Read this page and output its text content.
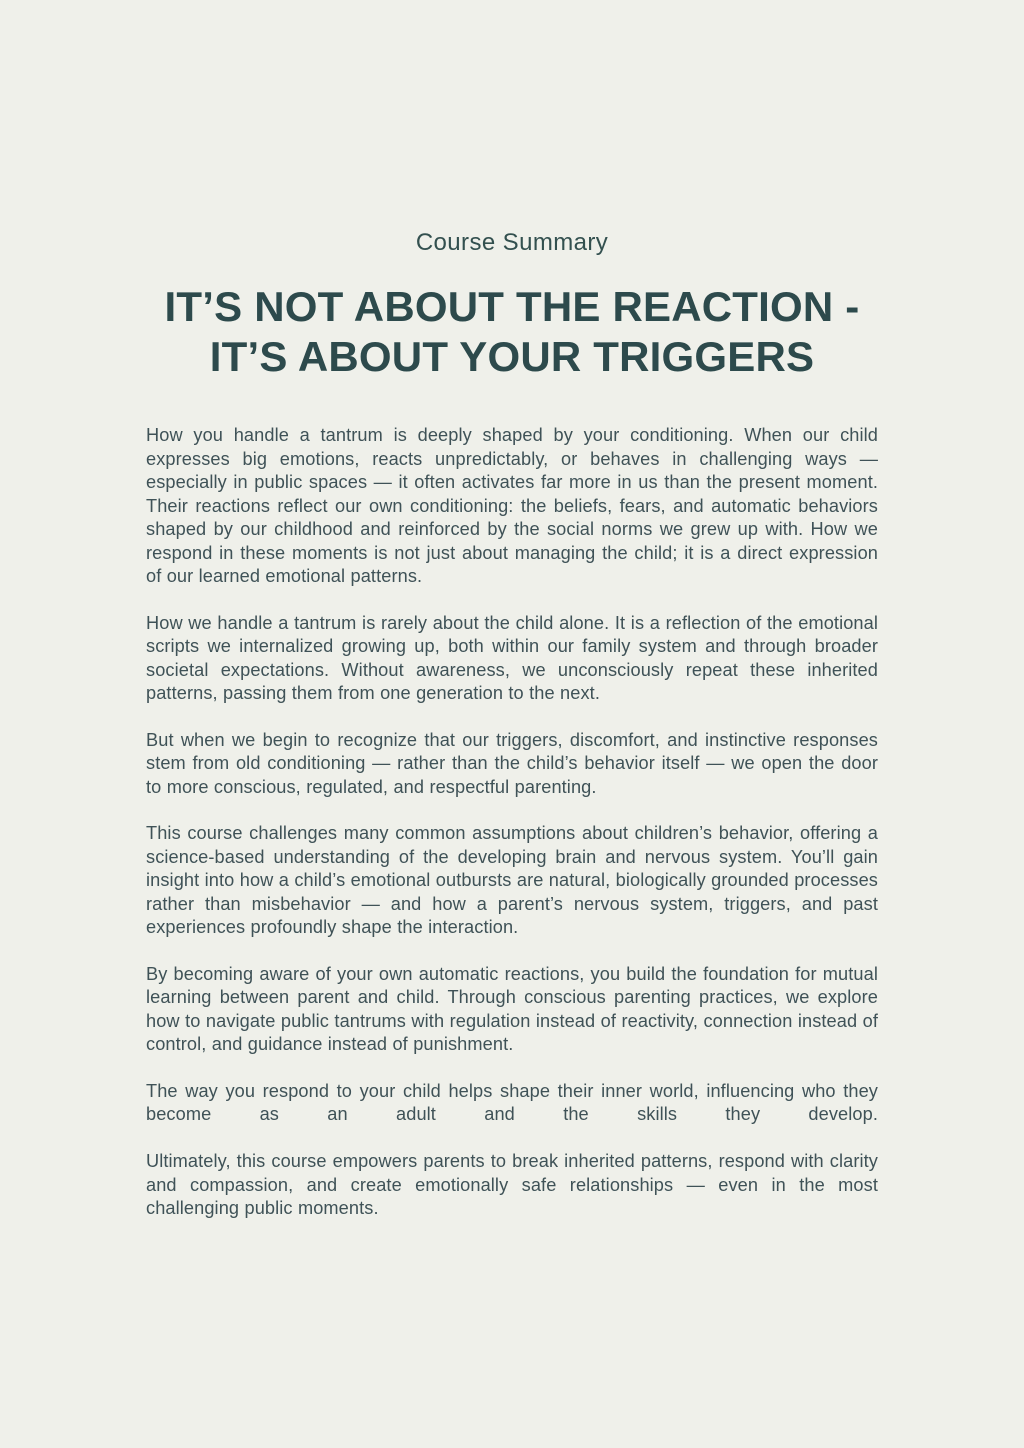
Course Summary

IT’S NOT ABOUT THE REACTION -
IT’S ABOUT YOUR TRIGGERS

How you handle a tantrum is deeply shaped by your conditioning. When our child expresses big emotions, reacts unpredictably, or behaves in challenging ways — especially in public spaces — it often activates far more in us than the present moment. Their reactions reflect our own conditioning: the beliefs, fears, and automatic behaviors shaped by our childhood and reinforced by the social norms we grew up with. How we respond in these moments is not just about managing the child; it is a direct expression of our learned emotional patterns.

How we handle a tantrum is rarely about the child alone. It is a reflection of the emotional scripts we internalized growing up, both within our family system and through broader societal expectations. Without awareness, we unconsciously repeat these inherited patterns, passing them from one generation to the next.

But when we begin to recognize that our triggers, discomfort, and instinctive responses stem from old conditioning — rather than the child’s behavior itself — we open the door to more conscious, regulated, and respectful parenting.

This course challenges many common assumptions about children’s behavior, offering a science-based understanding of the developing brain and nervous system. You’ll gain insight into how a child’s emotional outbursts are natural, biologically grounded processes rather than misbehavior — and how a parent’s nervous system, triggers, and past experiences profoundly shape the interaction.

By becoming aware of your own automatic reactions, you build the foundation for mutual learning between parent and child. Through conscious parenting practices, we explore how to navigate public tantrums with regulation instead of reactivity, connection instead of control, and guidance instead of punishment.

The way you respond to your child helps shape their inner world, influencing who they become as an adult and the skills they develop.
Ultimately, this course empowers parents to break inherited patterns, respond with clarity and compassion, and create emotionally safe relationships — even in the most challenging public moments.
